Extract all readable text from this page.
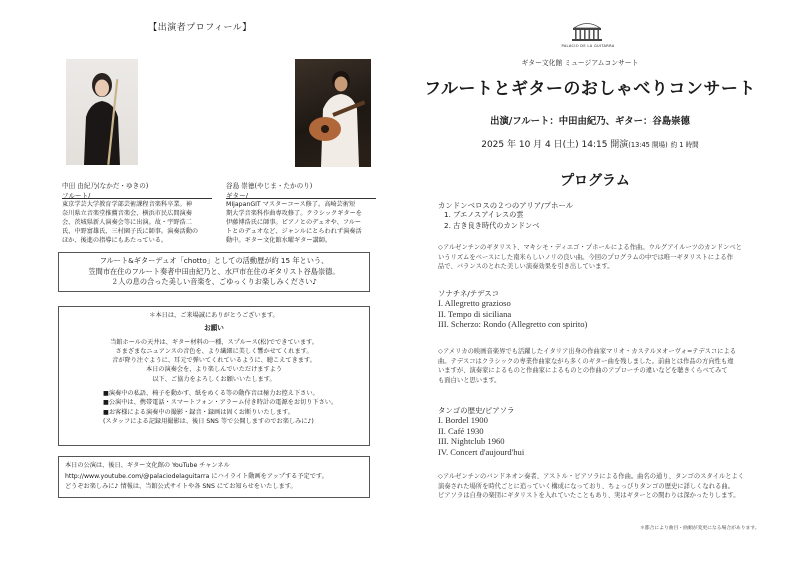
【出演者プロフィール】
中田 由紀乃(なかだ・ゆきの)
フルート/
東京学芸大学教育学部芸術課程音楽科卒業。神
奈川県立音楽堂推薦音楽会、横浜市民広間演奏
会、茨城県新人演奏会等に出演。故・宇野浩二
氏、中野富雄氏、三村園子氏に師事。演奏活動の
ほか、後進の指導にもあたっている。
谷島 崇徳(やじま・たかのり)
ギター/
MIjapanGIT マスターコース修了。高崎芸術短
期大学音楽科作曲専攻修了。クラシックギターを
伊藤博浩氏に師事。ピアノとのデュオや、フルー
トとのデュオなど、ジャンルにとらわれず演奏活
動中。ギター文化館水曜ギター講師。
フルート&ギターデュオ「chotto」としての活動歴が約 15 年という、
笠間市在住のフルート奏者中田由紀乃と、水戸市在住のギタリスト谷島崇德。
２人の息の合った美しい音楽を、ごゆっくりお楽しみください♪
＊本日は、ご来場誠にありがとうございます。
お願い
当館ホールの天井は、ギター材料の一種、スプルース(松)でできています。
さまざまなニュアンスの音色を、より繊細に美しく響かせてくれます。
音が降り注ぐように、耳元で弾いてくれているように、聴こえてきます。
本日の演奏会を、より楽しんでいただけますよう
以下、ご協力をよろしくお願いいたします。
■演奏中の私語、椅子を動かす、紙をめくる等の動作音は極力お控え下さい。
■公演中は、携帯電話・スマートフォン・アラーム付き時計の電源をお切り下さい。
■お客様による演奏中の撮影・録音・録画は固くお断りいたします。
(スタッフによる記録用撮影は、後日 SNS 等で公開しますのでお楽しみに♪)
本日の公演は、後日、ギター文化館の YouTube チャンネル
http://www.youtube.com/@palaciodelaguitarra にハイライト動画をアップする予定です。
どうぞお楽しみに♪ 情報は、当館公式サイトや各 SNS にてお知らせをいたします。
PALACIO DE LA GUITARRA
ギター文化館 ミュージアムコンサート
フルートとギターのおしゃべりコンサート
出演/フルート：中田由紀乃、ギター：谷島崇德
2025 年 10 月 4 日(土) 14:15 開演(13:45 開場) 約 1 時間
プログラム
カンドンベロスの２つのアリア/プホール
1. ブエノスアイレスの雲
2. 古き良き時代のカンドンベ
◇アルゼンチンのギタリスト、マキシモ・ディエゴ・プホールによる作曲。ウルグアイルーツのカンドンベと
いうリズムをベースにした南米らしいノリの良い曲。今回のプログラムの中では唯一ギタリストによる作
品で、バランスのとれた美しい演奏効果を引き出しています。
ソナチネ/テデスコ
I. Allegretto grazioso
II. Tempo di siciliana
III. Scherzo: Rondo (Allegretto con spirito)
◇アメリカの映画音楽界でも活躍したイタリア出身の作曲家マリオ・カステルヌオーヴォ=テデスコによる
曲。テデスコはクラシックの専業作曲家ながら多くのギター曲を残しました。前曲とは作品の方向性も違
いますが、演奏家によるものと作曲家によるものとの作曲のアプローチの違いなどを聴きくらべてみて
も面白いと思います。
タンゴの歴史/ピアソラ
I. Bordel 1900
II. Café 1930
III. Nightclub 1960
IV. Concert d'aujourd'hui
◇アルゼンチンのバンドネオン奏者、アストル・ピアソラによる作曲。曲名の通り、タンゴのスタイルとよく
演奏された場所を時代ごとに追っていく構成になっており、ちょっぴりタンゴの歴史に詳しくなれる曲。
ピアソラは自身の楽団にギタリストを入れていたこともあり、実はギターとの関わりは深かったりします。
＊都合により曲目・曲順が変更になる場合があります。
